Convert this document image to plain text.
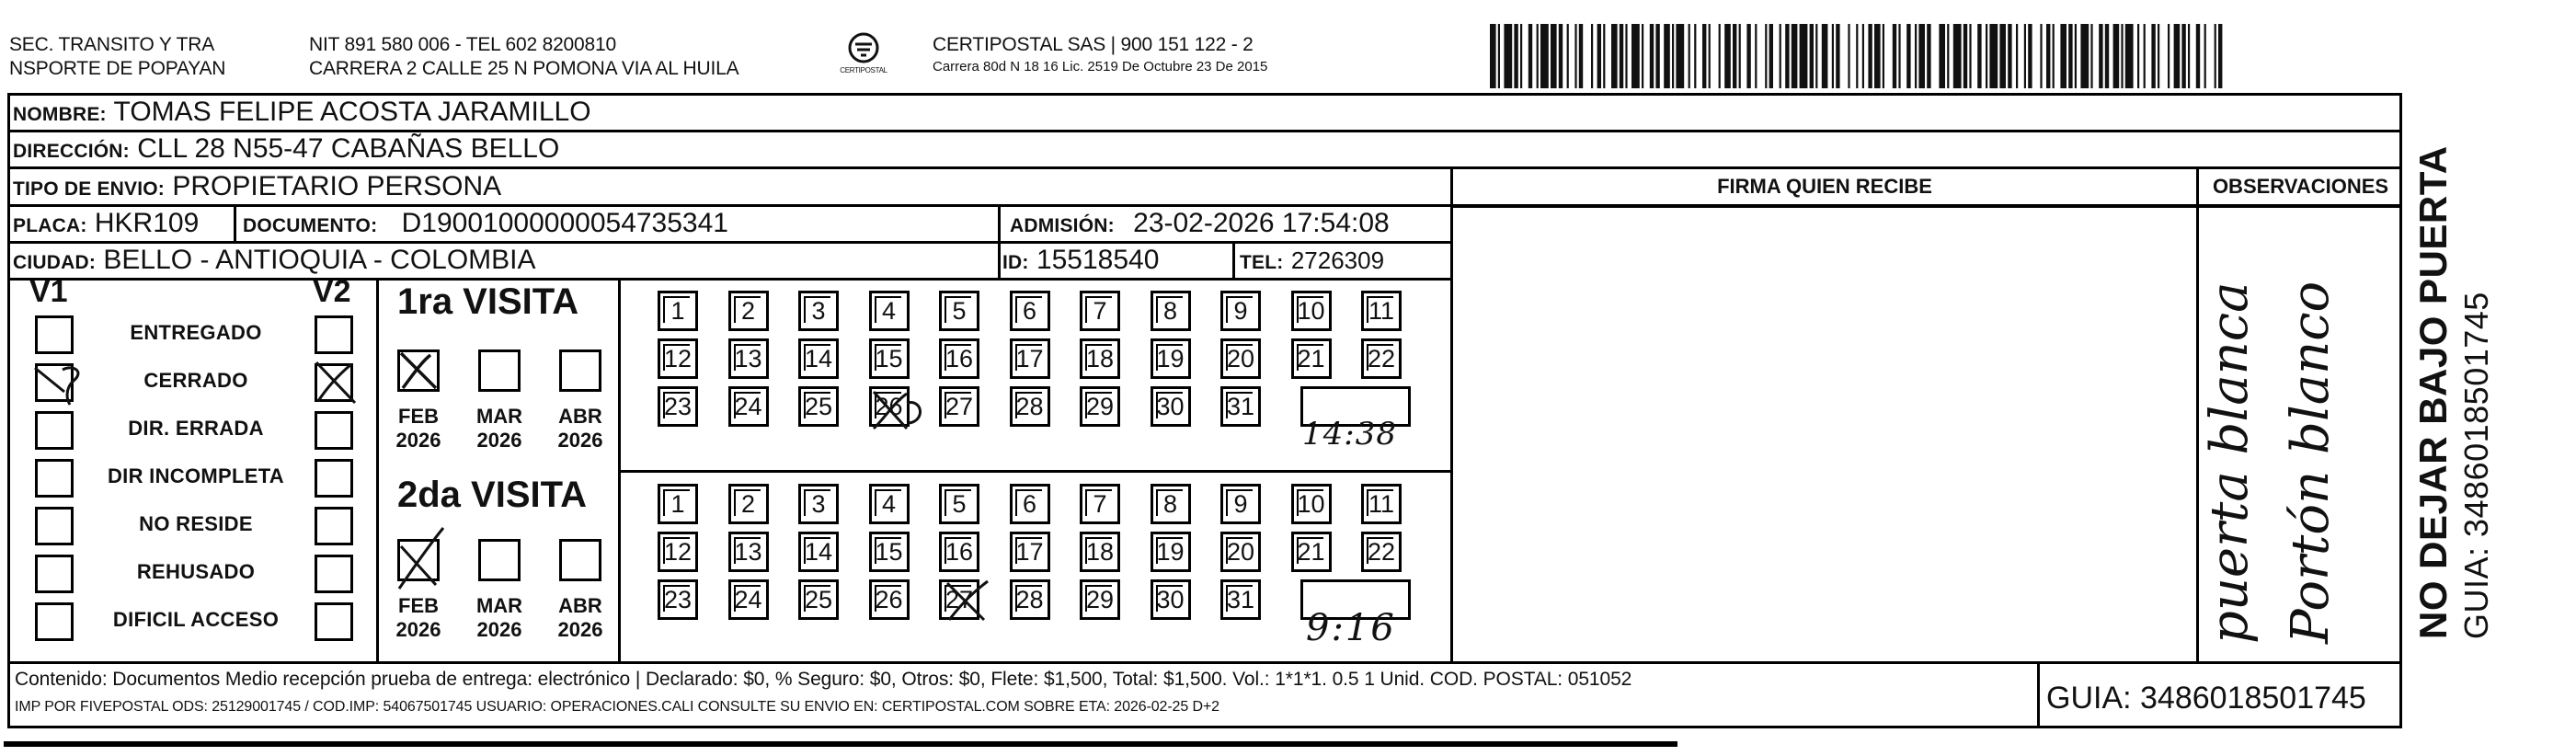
SEC. TRANSITO Y TRA
NSPORTE DE POPAYAN
NIT 891 580 006 - TEL 602 8200810
CARRERA 2 CALLE 25 N POMONA VIA AL HUILA	CERTIPOSTAL
CERTIPOSTAL SAS | 900 151 122 - 2
Carrera 80d N 18 16 Lic. 2519 De Octubre 23 De 2015
NOMBRE: TOMAS FELIPE ACOSTA JARAMILLO
DIRECCIÓN: CLL 28 N55-47 CABAÑAS BELLO
TIPO DE ENVIO: PROPIETARIO PERSONA
PLACA: HKR109 DOCUMENTO: D19001000000054735341	ADMISIÓN: 23-02-2026 17:54:08
CIUDAD: BELLO - ANTIOQUIA - COLOMBIA	ID: 15518540	TEL: 2726309
FIRMA QUIEN RECIBE	OBSERVACIONES
V1	V2
ENTREGADO
CERRADO
DIR. ERRADA
DIR INCOMPLETA
NO RESIDE
REHUSADO
DIFICIL ACCESO
1ra VISITA
2da VISITA
FEB
2026
MAR
2026
ABR
2026
FEB
2026
MAR
2026
ABR
2026
1	2	3	4	5	6	7	8	9	10 11
12 13 14 15 16 17 18 19 20 21 22
23 24 25 26 27 28 29 30 31
1	2	3	4	5	6	7	8	9	10 11
12 13 14 15 16 17 18 19 20 21 22
23 24 25 26 27 28 29 30 31
14:38
9:16	puerta blanca Portón blanco NO DEJAR BAJO PUERTA GUIA: 3486018501745
Contenido: Documentos Medio recepción prueba de entrega: electrónico | Declarado: $0, % Seguro: $0, Otros: $0, Flete: $1,500, Total: $1,500. Vol.: 1*1*1. 0.5 1 Unid. COD. POSTAL: 051052
IMP POR FIVEPOSTAL ODS: 25129001745 / COD.IMP: 54067501745 USUARIO: OPERACIONES.CALI CONSULTE SU ENVIO EN: CERTIPOSTAL.COM SOBRE ETA: 2026-02-25 D+2	GUIA: 3486018501745
